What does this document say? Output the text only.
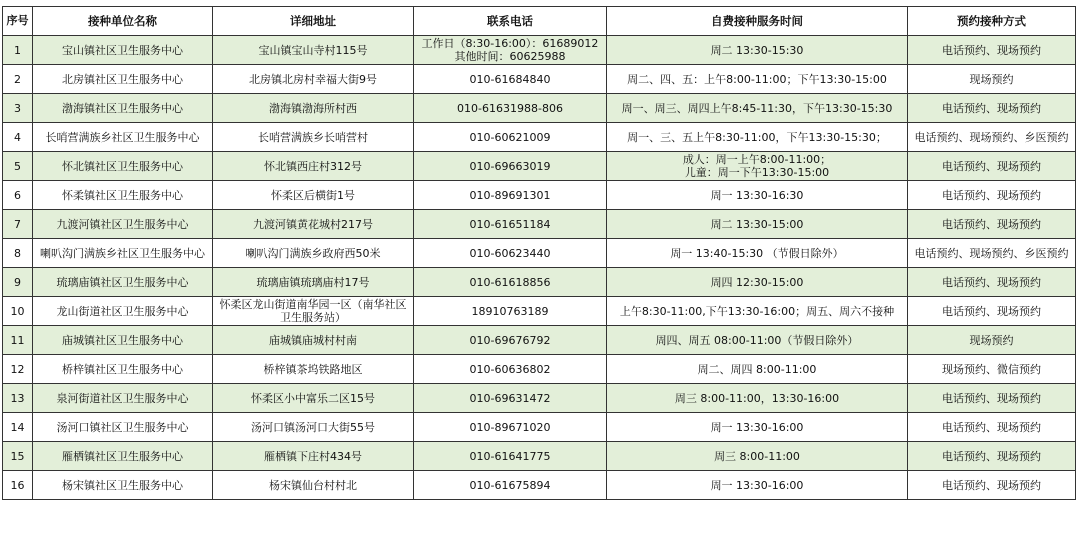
序号	接种单位名称	详细地址	联系电话	自费接种服务时间	预约接种方式
1	宝山镇社区卫生服务中心	宝山镇宝山寺村115号	工作日（8:30-16:00）：61689012
其他时间：60625988	周二 13:30-15:30	电话预约、现场预约
2	北房镇社区卫生服务中心	北房镇北房村幸福大街9号	010-61684840	周二、四、五：上午8:00-11:00；下午13:30-15:00	现场预约
3	渤海镇社区卫生服务中心	渤海镇渤海所村西	010-61631988-806	周一、周三、周四上午8:45-11:30，下午13:30-15:30	电话预约、现场预约
4	长哨营满族乡社区卫生服务中心	长哨营满族乡长哨营村	010-60621009	周一、三、五上午8:30-11:00，下午13:30-15:30；	电话预约、现场预约、乡医预约
5	怀北镇社区卫生服务中心	怀北镇西庄村312号	010-69663019	成人：周一上午8:00-11:00；
儿童：周一下午13:30-15:00	电话预约、现场预约
6	怀柔镇社区卫生服务中心	怀柔区后横街1号	010-89691301	周一 13:30-16:30	电话预约、现场预约
7	九渡河镇社区卫生服务中心	九渡河镇黄花城村217号	010-61651184	周二 13:30-15:00	电话预约、现场预约
8	喇叭沟门满族乡社区卫生服务中心	喇叭沟门满族乡政府西50米	010-60623440	周一 13:40-15:30 （节假日除外）	电话预约、现场预约、乡医预约
9	琉璃庙镇社区卫生服务中心	琉璃庙镇琉璃庙村17号	010-61618856	周四 12:30-15:00	电话预约、现场预约
10	龙山街道社区卫生服务中心	怀柔区龙山街道南华园一区（南华社区卫生服务站）	18910763189	上午8:30-11:00,下午13:30-16:00；周五、周六不接种	电话预约、现场预约
11	庙城镇社区卫生服务中心	庙城镇庙城村村南	010-69676792	周四、周五 08:00-11:00（节假日除外）	现场预约
12	桥梓镇社区卫生服务中心	桥梓镇茶坞铁路地区	010-60636802	周二、周四 8:00-11:00	现场预约、微信预约
13	泉河街道社区卫生服务中心	怀柔区小中富乐二区15号	010-69631472	周三 8:00-11:00，13:30-16:00	电话预约、现场预约
14	汤河口镇社区卫生服务中心	汤河口镇汤河口大街55号	010-89671020	周一 13:30-16:00	电话预约、现场预约
15	雁栖镇社区卫生服务中心	雁栖镇下庄村434号	010-61641775	周三 8:00-11:00	电话预约、现场预约
16	杨宋镇社区卫生服务中心	杨宋镇仙台村村北	010-61675894	周一 13:30-16:00	电话预约、现场预约
